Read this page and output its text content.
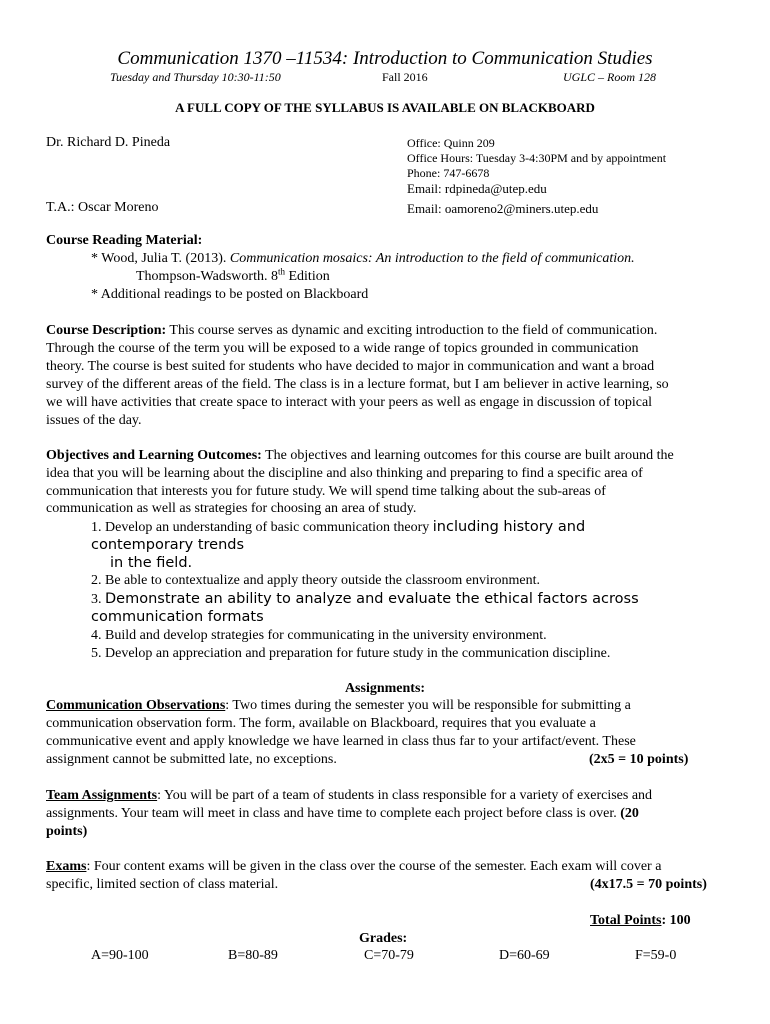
Communication 1370 –11534: Introduction to Communication Studies
Tuesday and Thursday 10:30-11:50	Fall 2016	UGLC – Room 128
A FULL COPY OF THE SYLLABUS IS AVAILABLE ON BLACKBOARD
Dr. Richard D. Pineda	Office: Quinn 209
Office Hours: Tuesday 3-4:30PM and by appointment
Phone: 747-6678
Email: rdpineda@utep.edu
T.A.: Oscar Moreno	Email: oamoreno2@miners.utep.edu
Course Reading Material:
* Wood, Julia T. (2013). Communication mosaics: An introduction to the field of communication.
Thompson-Wadsworth. 8th Edition
* Additional readings to be posted on Blackboard
Course Description: This course serves as dynamic and exciting introduction to the field of communication.
Through the course of the term you will be exposed to a wide range of topics grounded in communication
theory. The course is best suited for students who have decided to major in communication and want a broad
survey of the different areas of the field. The class is in a lecture format, but I am believer in active learning, so
we will have activities that create space to interact with your peers as well as engage in discussion of topical
issues of the day.
Objectives and Learning Outcomes: The objectives and learning outcomes for this course are built around the
idea that you will be learning about the discipline and also thinking and preparing to find a specific area of
communication that interests you for future study. We will spend time talking about the sub-areas of
communication as well as strategies for choosing an area of study.
1. Develop an understanding of basic communication theory including history and
contemporary trends
in the field.
2. Be able to contextualize and apply theory outside the classroom environment.
3. Demonstrate an ability to analyze and evaluate the ethical factors across
communication formats
4. Build and develop strategies for communicating in the university environment.
5. Develop an appreciation and preparation for future study in the communication discipline.
Assignments:
Communication Observations: Two times during the semester you will be responsible for submitting a
communication observation form. The form, available on Blackboard, requires that you evaluate a
communicative event and apply knowledge we have learned in class thus far to your artifact/event. These
assignment cannot be submitted late, no exceptions.	(2x5 = 10 points)
Team Assignments: You will be part of a team of students in class responsible for a variety of exercises and
assignments. Your team will meet in class and have time to complete each project before class is over. (20
points)
Exams: Four content exams will be given in the class over the course of the semester. Each exam will cover a
specific, limited section of class material.	(4x17.5 = 70 points)
Total Points: 100
Grades:
A=90-100	B=80-89	C=70-79	D=60-69	F=59-0
